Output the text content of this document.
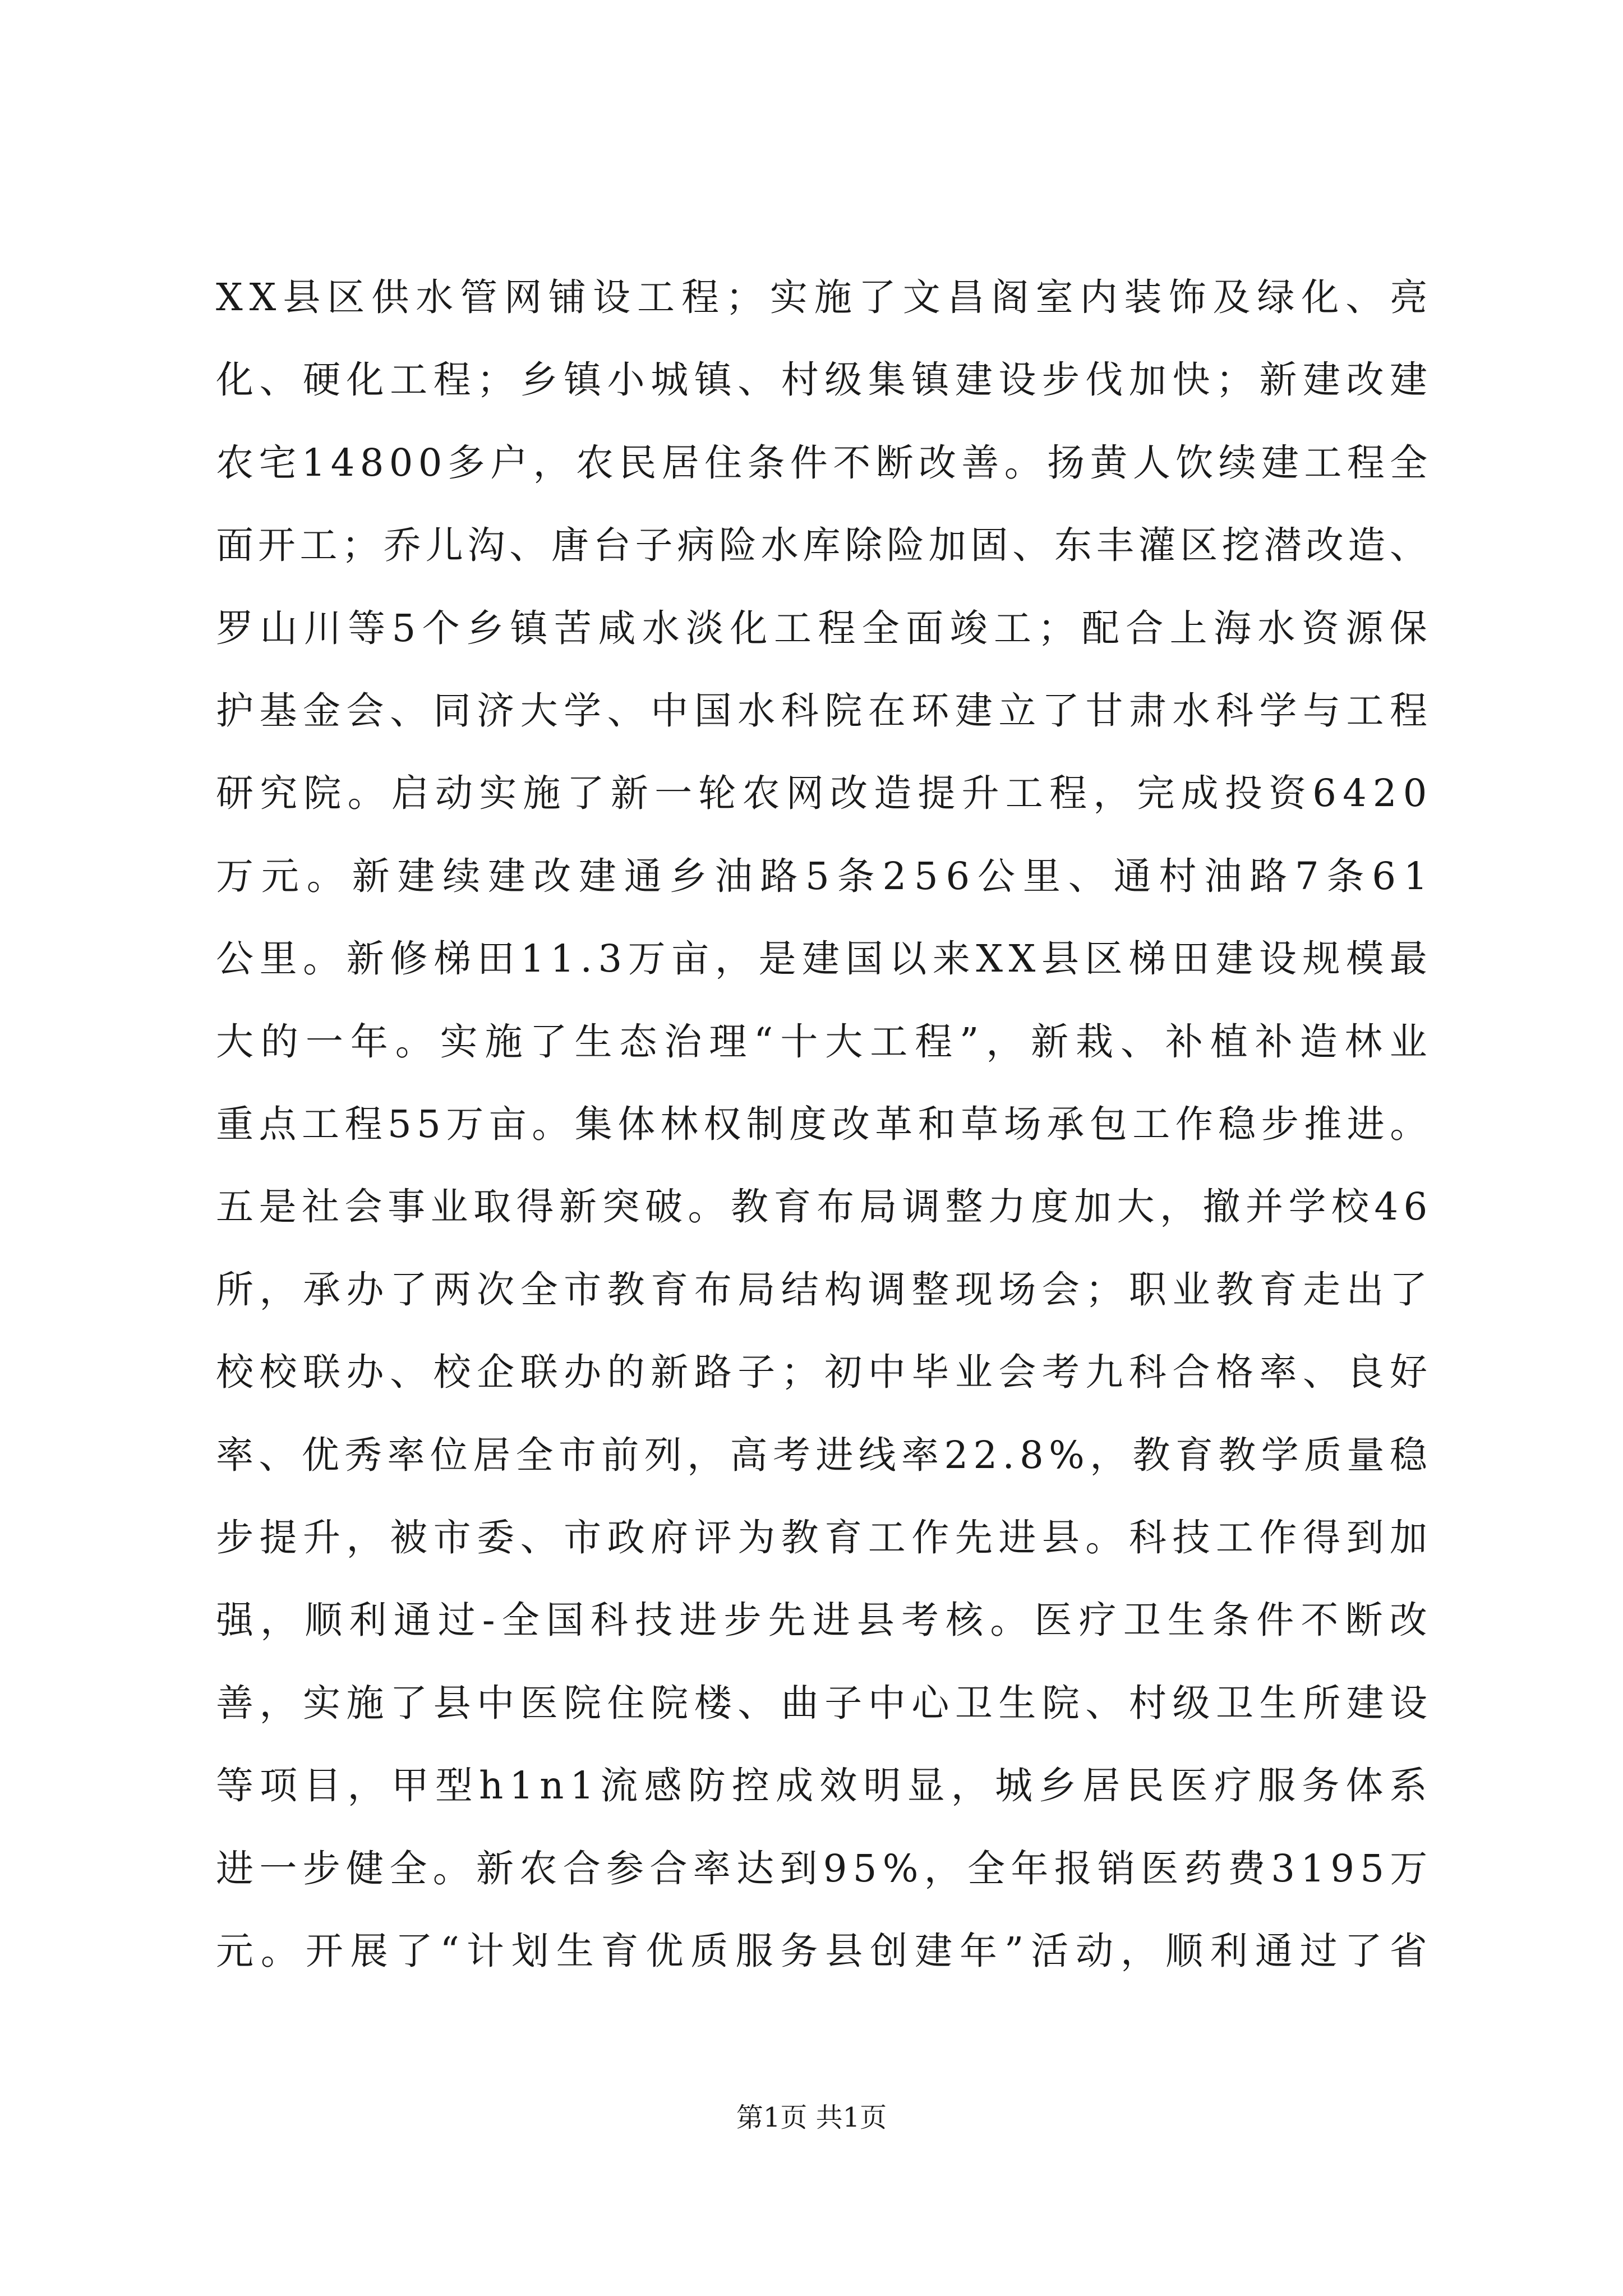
XX县区供水管网铺设工程；实施了文昌阁室内装饰及绿化、亮
化、硬化工程；乡镇小城镇、村级集镇建设步伐加快；新建改建
农宅14800多户，农民居住条件不断改善。扬黄人饮续建工程全
面开工；乔儿沟、唐台子病险水库除险加固、东丰灌区挖潜改造、
罗山川等5个乡镇苦咸水淡化工程全面竣工；配合上海水资源保
护基金会、同济大学、中国水科院在环建立了甘肃水科学与工程
研究院。启动实施了新一轮农网改造提升工程，完成投资6420
万元。新建续建改建通乡油路5条256公里、通村油路7条61
公里。新修梯田11.3万亩，是建国以来XX县区梯田建设规模最
大的一年。实施了生态治理“十大工程”，新栽、补植补造林业
重点工程55万亩。集体林权制度改革和草场承包工作稳步推进。
五是社会事业取得新突破。教育布局调整力度加大，撤并学校46
所，承办了两次全市教育布局结构调整现场会；职业教育走出了
校校联办、校企联办的新路子；初中毕业会考九科合格率、良好
率、优秀率位居全市前列，高考进线率22.8%，教育教学质量稳
步提升，被市委、市政府评为教育工作先进县。科技工作得到加
强，顺利通过-全国科技进步先进县考核。医疗卫生条件不断改
善，实施了县中医院住院楼、曲子中心卫生院、村级卫生所建设
等项目，甲型h1n1流感防控成效明显，城乡居民医疗服务体系
进一步健全。新农合参合率达到95%，全年报销医药费3195万
元。开展了“计划生育优质服务县创建年”活动，顺利通过了省
第1页 共1页
